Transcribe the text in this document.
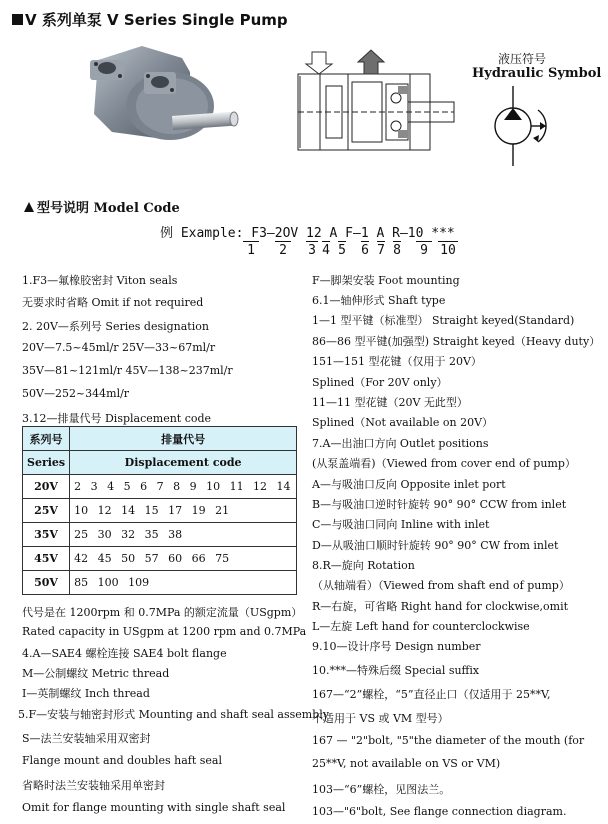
V 系列单泵 V Series Single Pump
液压符号
Hydraulic Symbol
型号说明 Model Code
例 Example: F3—2OV 12 A F—1 A R—10 ***
1	2	3 4 5 6 7 8	9 10
1.F3—氟橡胶密封 Viton seals
无要求时省略 Omit if not required
2. 20V—系列号 Series designation
20V—7.5~45ml/r 25V—33~67ml/r
35V—81~121ml/r 45V—138~237ml/r
50V—252~344ml/r
3.12—排量代号 Displacement code
系列号	排量代号
Series	Displacement code
20V	2 3 4 5 6 7 8 9 10 11 12 14
25V	10 12 14 15 17 19 21
35V	25 30 32 35 38
45V	42 45 50 57 60 66 75
50V	85 100 109
代号是在 1200rpm 和 0.7MPa 的额定流量（USgpm）
Rated capacity in USgpm at 1200 rpm and 0.7MPa
4.A—SAE4 螺栓连接 SAE4 bolt flange
M—公制螺纹 Metric thread
I—英制螺纹 Inch thread
5.F—安装与轴密封形式 Mounting and shaft seal assembly
S—法兰安装轴采用双密封
Flange mount and doubles haft seal
省略时法兰安装轴采用单密封
Omit for flange mounting with single shaft seal
F—脚架安装 Foot mounting
6.1—轴伸形式 Shaft type
1—1 型平键（标准型） Straight keyed(Standard)
86—86 型平键(加强型) Straight keyed（Heavy duty）
151—151 型花键（仅用于 20V）
Splined（For 20V only）
11—11 型花键（20V 无此型）
Splined（Not available on 20V）
7.A—出油口方向 Outlet positions
(从泵盖端看)（Viewed from cover end of pump）
A—与吸油口反向 Opposite inlet port
B—与吸油口逆时针旋转 90° 90° CCW from inlet
C—与吸油口同向 Inline with inlet
D—从吸油口顺时针旋转 90° 90° CW from inlet
8.R—旋向 Rotation
（从轴端看）（Viewed from shaft end of pump）
R—右旋，可省略 Right hand for clockwise,omit
L—左旋 Left hand for counterclockwise
9.10—设计序号 Design number
10.***—特殊后缀 Special suffix
167—“2”螺栓，“5”直径止口（仅适用于 25**V,
不适用于 VS 或 VM 型号）
167 — "2"bolt, "5"the diameter of the mouth (for
25**V, not available on VS or VM)
103—“6”螺栓，见图法兰。
103—"6"bolt, See flange connection diagram.
